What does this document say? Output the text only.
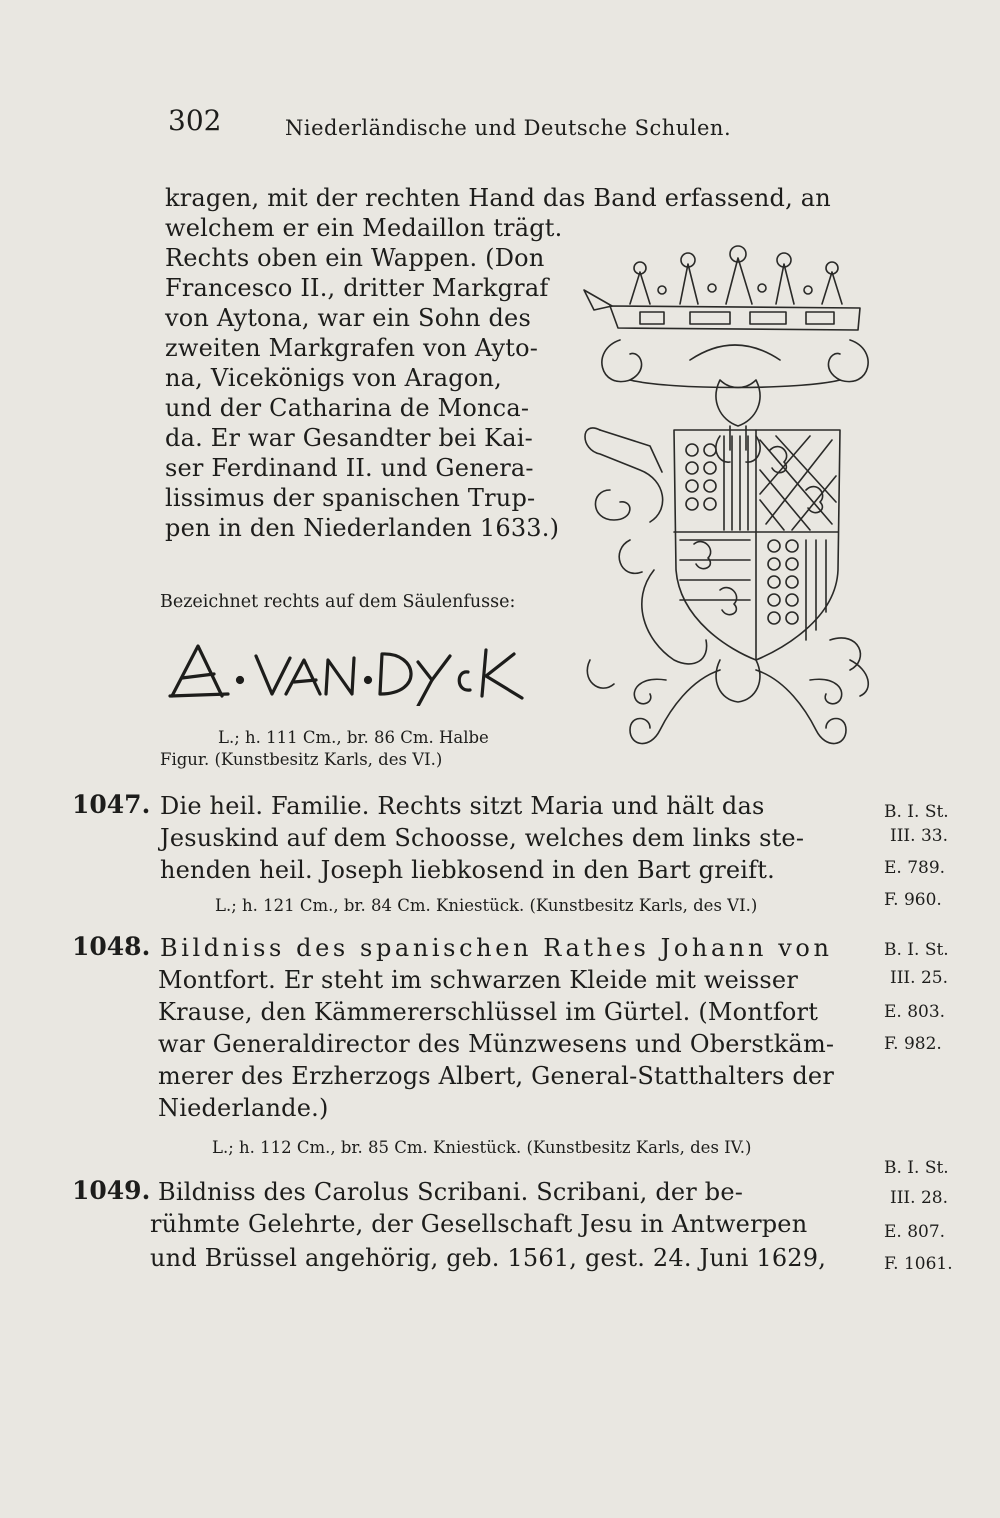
302	Niederländische und Deutsche Schulen.
kragen, mit der rechten Hand das Band erfassend, an
welchem er ein Medaillon trägt.
Rechts oben ein Wappen. (Don
Francesco II., dritter Markgraf
von Aytona, war ein Sohn des
zweiten Markgrafen von Ayto-
na, Vicekönigs von Aragon,
und der Catharina de Monca-
da. Er war Gesandter bei Kai-
ser Ferdinand II. und Genera-
lissimus der spanischen Trup-
pen in den Niederlanden 1633.)
Bezeichnet rechts auf dem Säulenfusse:
L.; h. 111 Cm., br. 86 Cm. Halbe
Figur. (Kunstbesitz Karls, des VI.)
1047. Die heil. Familie. Rechts sitzt Maria und hält das
Jesuskind auf dem Schoosse, welches dem links ste-
henden heil. Joseph liebkosend in den Bart greift.
L.; h. 121 Cm., br. 84 Cm. Kniestück. (Kunstbesitz Karls, des VI.)
B. I. St.
III. 33.
E. 789.
F. 960.
1048. Bildniss des spanischen Rathes Johann von
Montfort. Er steht im schwarzen Kleide mit weisser
Krause, den Kämmererschlüssel im Gürtel. (Montfort
war Generaldirector des Münzwesens und Oberstkäm-
merer des Erzherzogs Albert, General-Statthalters der
Niederlande.)
L.; h. 112 Cm., br. 85 Cm. Kniestück. (Kunstbesitz Karls, des IV.)
B. I. St.
III. 25.
E. 803.
F. 982.
1049. Bildniss des Carolus Scribani. Scribani, der be-
rühmte Gelehrte, der Gesellschaft Jesu in Antwerpen
und Brüssel angehörig, geb. 1561, gest. 24. Juni 1629,
B. I. St.
III. 28.
E. 807.
F. 1061.
